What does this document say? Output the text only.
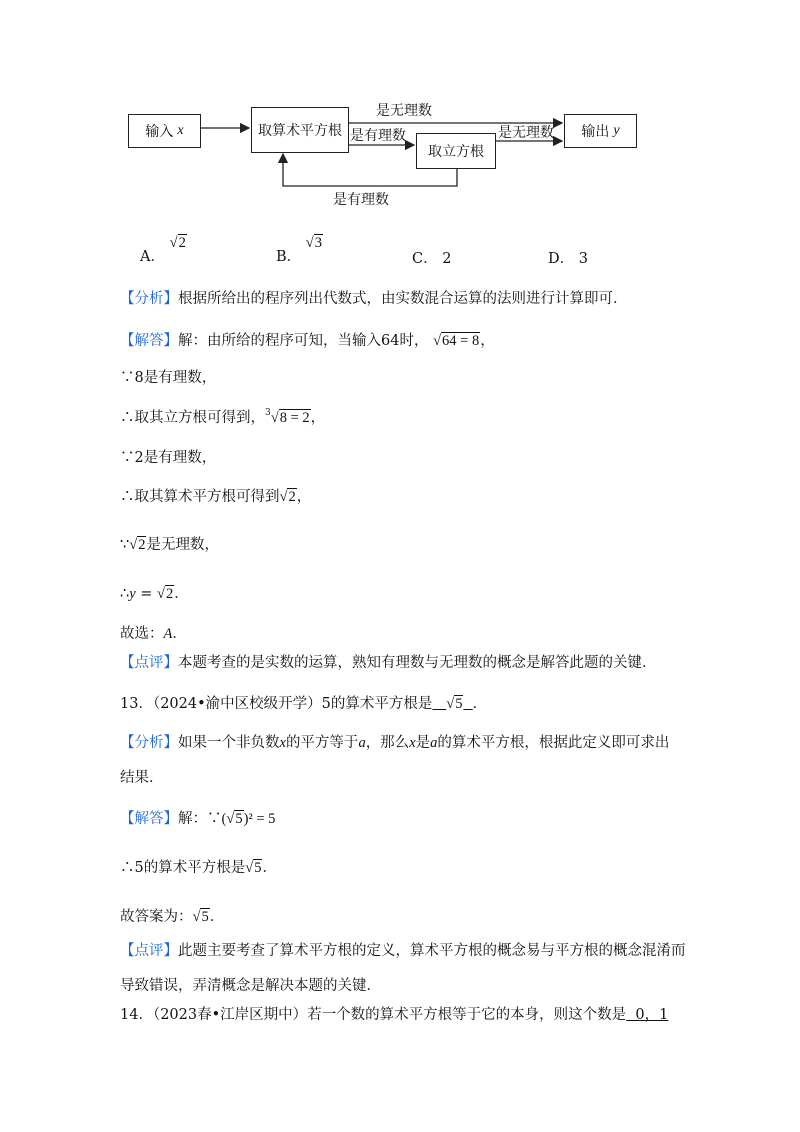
输入 x	取算术平方根
取立方根
输出 y
是无理数
是有理数	是无理数
是有理数
A． √2
B． √3
C． 2	D． 3
【分析】根据所给出的程序列出代数式，由实数混合运算的法则进行计算即可．
【解答】解：由所给的程序可知，当输入64时， √64 = 8，
∵8是有理数，
∴取其立方根可得到，$^3$√8 = 2，
∵2是有理数，
∴取其算术平方根可得到√2，
∵√2是无理数，
∴y = √2．
故选：A．
【点评】本题考查的是实数的运算，熟知有理数与无理数的概念是解答此题的关键．
13．（2024•渝中区校级开学）5的算术平方根是 √5 ．
【分析】如果一个非负数x的平方等于a，那么x是a的算术平方根，根据此定义即可求出
结果．
【解答】解：∵(√5)² = 5
∴5的算术平方根是√5．
故答案为：√5．
【点评】此题主要考查了算术平方根的定义，算术平方根的概念易与平方根的概念混淆而
导致错误，弄清概念是解决本题的关键．
14．（2023春•江岸区期中）若一个数的算术平方根等于它的本身，则这个数是 0，1
